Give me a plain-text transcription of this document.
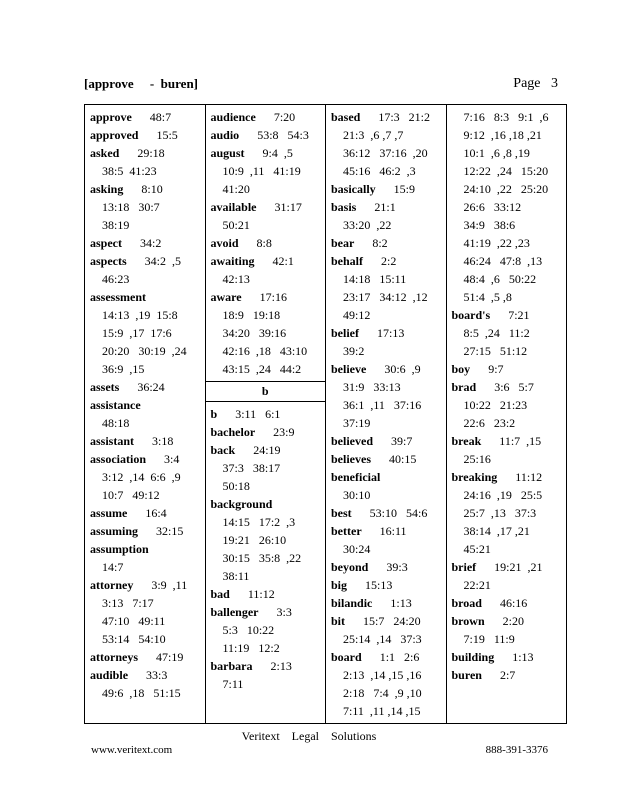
[approve     -  buren]	Page   3
approve 48:7
approved 15:5
asked 29:18
38:5  41:23
asking 8:10
13:18   30:7
38:19
aspect 34:2
aspects 34:2  ,5
46:23
assessment
14:13  ,19  15:8
15:9  ,17  17:6
20:20   30:19  ,24
36:9  ,15
assets 36:24
assistance
48:18
assistant 3:18
association 3:4
3:12  ,14  6:6  ,9
10:7   49:12
assume 16:4
assuming 32:15
assumption
14:7
attorney 3:9  ,11
3:13   7:17
47:10   49:11
53:14   54:10
attorneys 47:19
audible 33:3
49:6  ,18   51:15
audience 7:20
audio 53:8   54:3
august 9:4  ,5
10:9  ,11   41:19
41:20
available 31:17
50:21
avoid 8:8
awaiting 42:1
42:13
aware 17:16
18:9   19:18
34:20   39:16
42:16  ,18   43:10
43:15  ,24   44:2
b
b 3:11   6:1
bachelor 23:9
back 24:19
37:3   38:17
50:18
background
14:15   17:2  ,3
19:21   26:10
30:15   35:8  ,22
38:11
bad 11:12
ballenger 3:3
5:3   10:22
11:19   12:2
barbara 2:13
7:11
based 17:3   21:2
21:3  ,6 ,7 ,7
36:12   37:16  ,20
45:16   46:2  ,3
basically 15:9
basis 21:1
33:20  ,22
bear 8:2
behalf 2:2
14:18   15:11
23:17   34:12  ,12
49:12
belief 17:13
39:2
believe 30:6  ,9
31:9   33:13
36:1  ,11   37:16
37:19
believed 39:7
believes 40:15
beneficial
30:10
best 53:10   54:6
better 16:11
30:24
beyond 39:3
big 15:13
bilandic 1:13
bit 15:7   24:20
25:14  ,14   37:3
board 1:1   2:6
2:13  ,14 ,15 ,16
2:18   7:4  ,9 ,10
7:11  ,11 ,14 ,15
7:16   8:3   9:1  ,6
9:12  ,16 ,18 ,21
10:1  ,6 ,8 ,19
12:22  ,24   15:20
24:10  ,22   25:20
26:6   33:12
34:9   38:6
41:19  ,22 ,23
46:24   47:8  ,13
48:4  ,6   50:22
51:4  ,5 ,8
board's 7:21
8:5  ,24   11:2
27:15   51:12
boy 9:7
brad 3:6   5:7
10:22   21:23
22:6   23:2
break 11:7  ,15
25:16
breaking 11:12
24:16  ,19   25:5
25:7  ,13   37:3
38:14  ,17 ,21
45:21
brief 19:21  ,21
22:21
broad 46:16
brown 2:20
7:19   11:9
building 1:13
buren 2:7
Veritext    Legal    Solutions
www.veritext.com	888-391-3376
